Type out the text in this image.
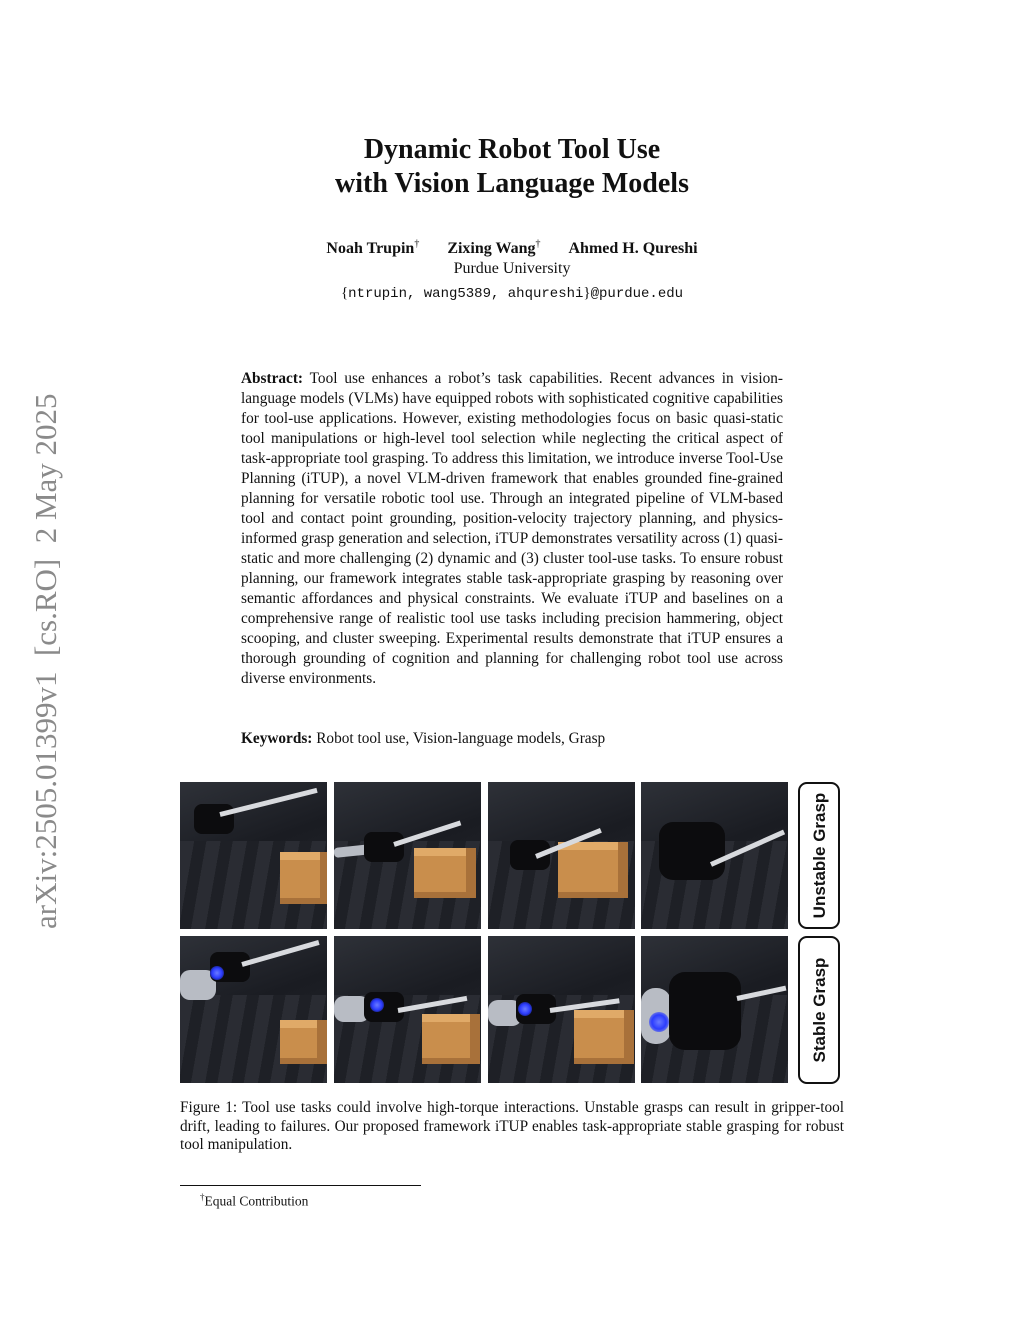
arXiv:2505.01399v1  [cs.RO]  2 May 2025
Dynamic Robot Tool Use
with Vision Language Models
Noah Trupin† Zixing Wang† Ahmed H. Qureshi
Purdue University
{ntrupin, wang5389, ahqureshi}@purdue.edu

Abstract: Tool use enhances a robot’s task capabilities. Recent advances in vision-language models (VLMs) have equipped robots with sophisticated cognitive capabilities for tool-use applications. However, existing methodologies focus on basic quasi-static tool manipulations or high-level tool selection while neglecting the critical aspect of task-appropriate tool grasping. To address this limitation, we introduce inverse Tool-Use Planning (iTUP), a novel VLM-driven framework that enables grounded fine-grained planning for versatile robotic tool use. Through an integrated pipeline of VLM-based tool and contact point grounding, position-velocity trajectory planning, and physics-informed grasp generation and selection, iTUP demonstrates versatility across (1) quasi-static and more challenging (2) dynamic and (3) cluster tool-use tasks. To ensure robust planning, our framework integrates stable task-appropriate grasping by reasoning over semantic affordances and physical constraints. We evaluate iTUP and baselines on a comprehensive range of realistic tool use tasks including precision hammering, object scooping, and cluster sweeping. Experimental results demonstrate that iTUP ensures a thorough grounding of cognition and planning for challenging robot tool use across diverse environments.

Keywords: Robot tool use, Vision-language models, Grasp

Unstable Grasp
Stable Grasp

Figure 1: Tool use tasks could involve high-torque interactions. Unstable grasps can result in gripper-tool drift, leading to failures. Our proposed framework iTUP enables task-appropriate stable grasping for robust tool manipulation.

†Equal Contribution
